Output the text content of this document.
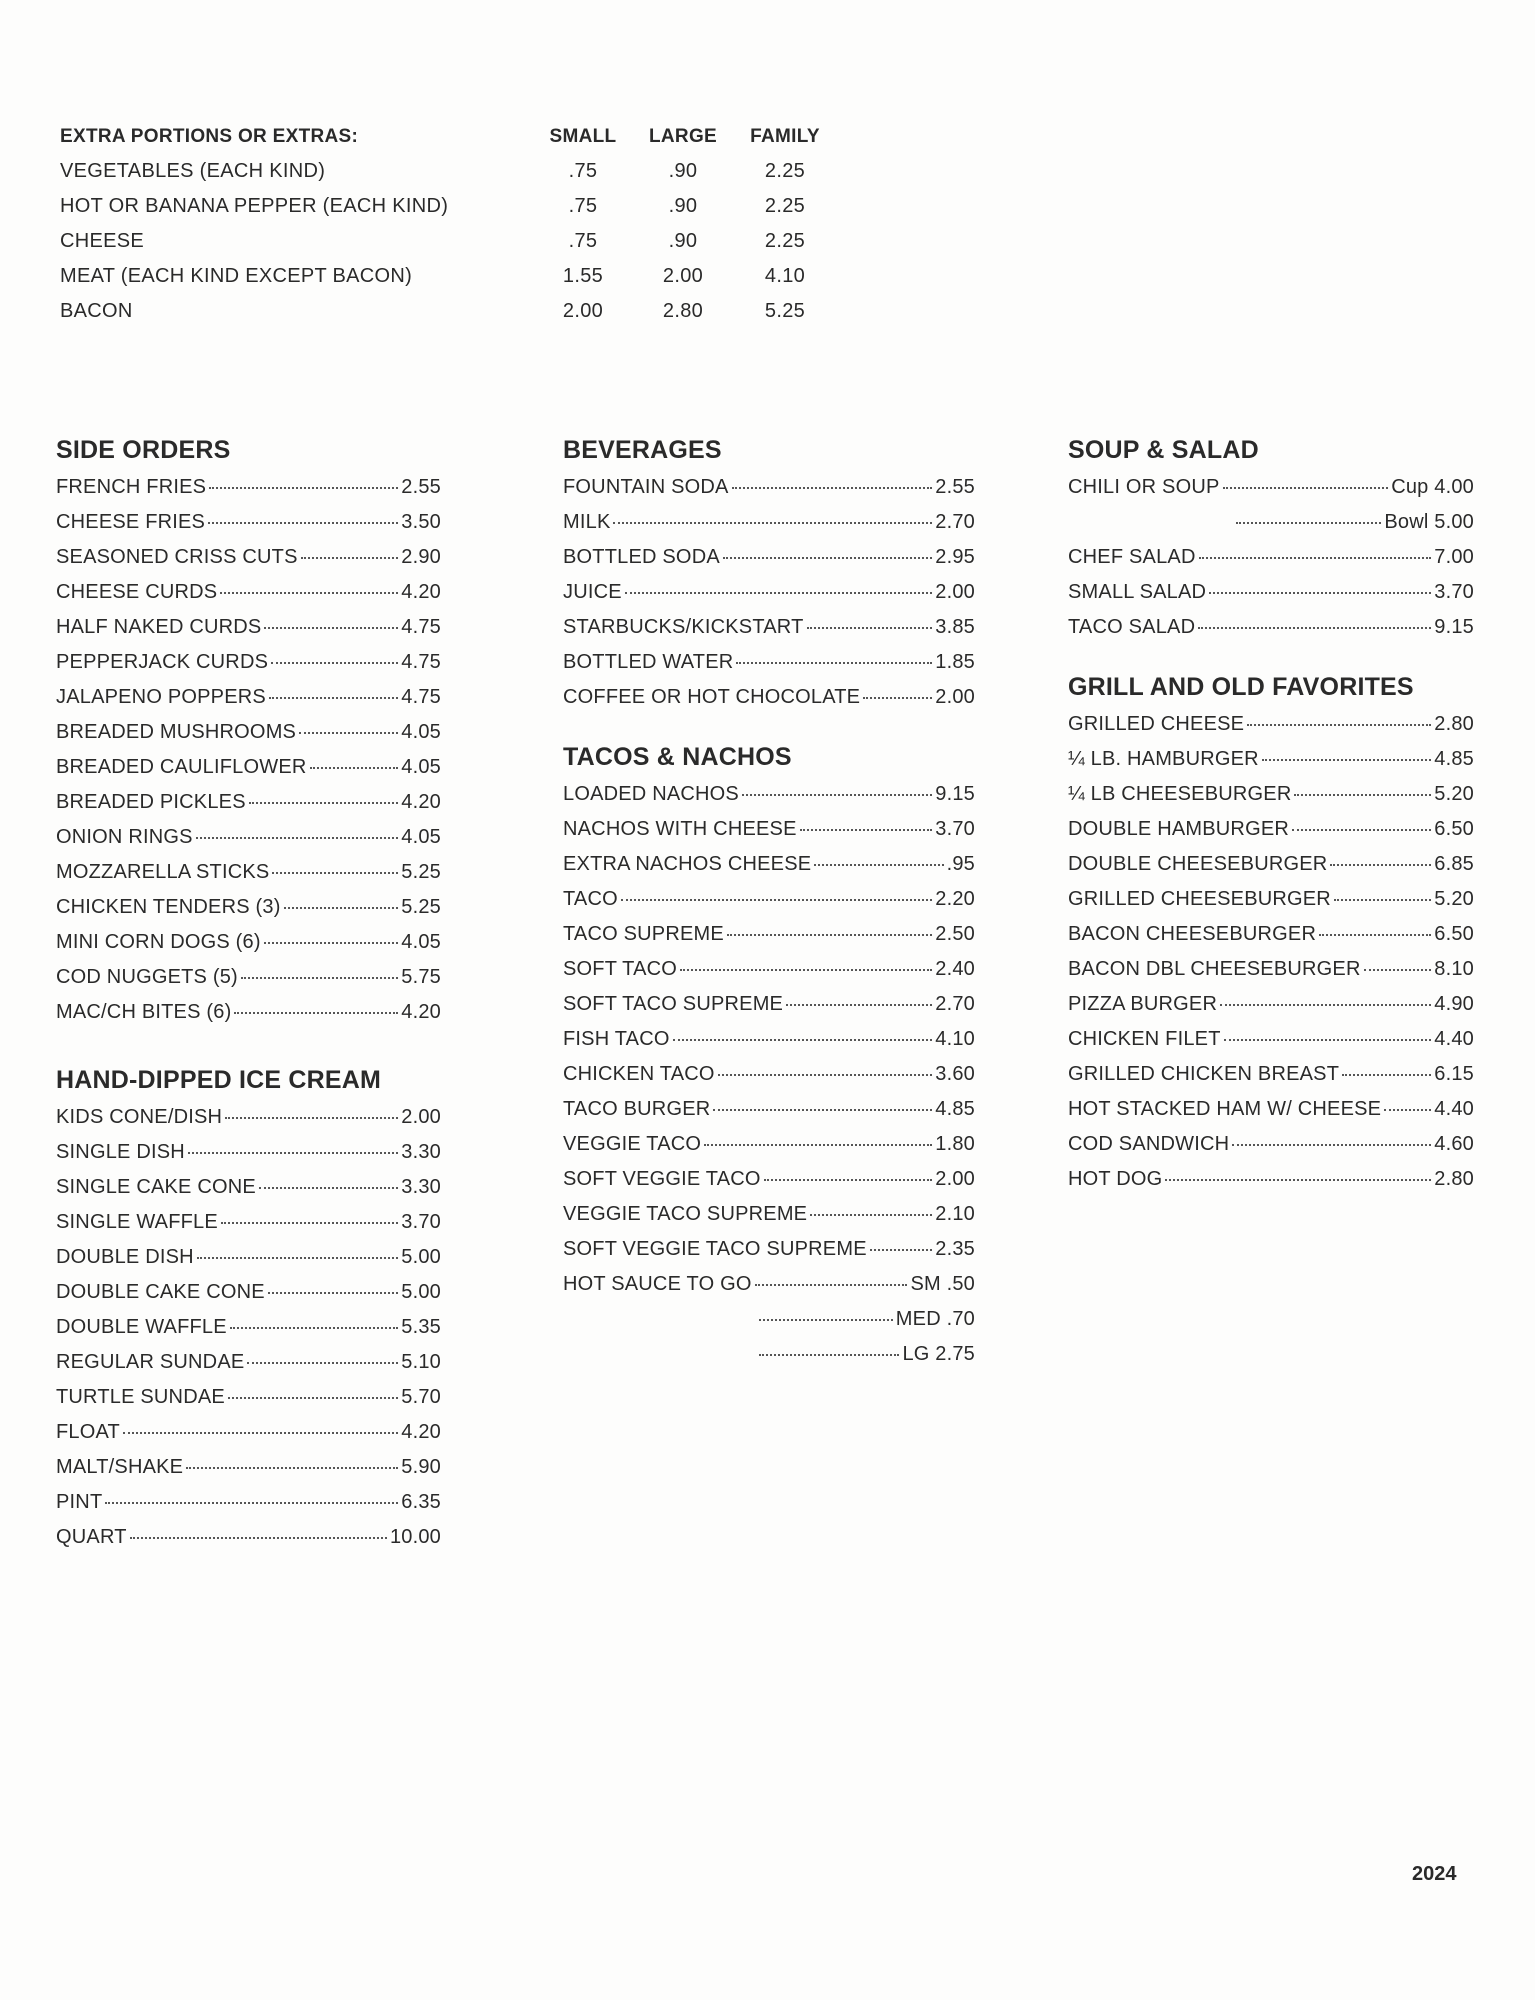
EXTRA PORTIONS OR EXTRAS:	SMALL	LARGE	FAMILY
VEGETABLES (EACH KIND)	.75	.90	2.25
HOT OR BANANA PEPPER (EACH KIND)	.75	.90	2.25
CHEESE	.75	.90	2.25
MEAT (EACH KIND EXCEPT BACON)	1.55	2.00	4.10
BACON	2.00	2.80	5.25
SIDE ORDERS
FRENCH FRIES	2.55
CHEESE FRIES	3.50
SEASONED CRISS CUTS	2.90
CHEESE CURDS	4.20
HALF NAKED CURDS	4.75
PEPPERJACK CURDS	4.75
JALAPENO POPPERS	4.75
BREADED MUSHROOMS	4.05
BREADED CAULIFLOWER	4.05
BREADED PICKLES	4.20
ONION RINGS	4.05
MOZZARELLA STICKS	5.25
CHICKEN TENDERS (3)	5.25
MINI CORN DOGS (6)	4.05
COD NUGGETS (5)	5.75
MAC/CH BITES (6)	4.20
HAND-DIPPED ICE CREAM
KIDS CONE/DISH	2.00
SINGLE DISH	3.30
SINGLE CAKE CONE	3.30
SINGLE WAFFLE	3.70
DOUBLE DISH	5.00
DOUBLE CAKE CONE	5.00
DOUBLE WAFFLE	5.35
REGULAR SUNDAE	5.10
TURTLE SUNDAE	5.70
FLOAT	4.20
MALT/SHAKE	5.90
PINT	6.35
QUART	10.00
BEVERAGES
FOUNTAIN SODA	2.55
MILK	2.70
BOTTLED SODA	2.95
JUICE	2.00
STARBUCKS/KICKSTART	3.85
BOTTLED WATER	1.85
COFFEE OR HOT CHOCOLATE	2.00
TACOS & NACHOS
LOADED NACHOS	9.15
NACHOS WITH CHEESE	3.70
EXTRA NACHOS CHEESE	.95
TACO	2.20
TACO SUPREME	2.50
SOFT TACO	2.40
SOFT TACO SUPREME	2.70
FISH TACO	4.10
CHICKEN TACO	3.60
TACO BURGER	4.85
VEGGIE TACO	1.80
SOFT VEGGIE TACO	2.00
VEGGIE TACO SUPREME	2.10
SOFT VEGGIE TACO SUPREME	2.35
HOT SAUCE TO GO	SM .50
MED .70
LG 2.75
SOUP & SALAD
CHILI OR SOUP	Cup 4.00
Bowl 5.00
CHEF SALAD	7.00
SMALL SALAD	3.70
TACO SALAD	9.15
GRILL AND OLD FAVORITES
GRILLED CHEESE	2.80
¼ LB. HAMBURGER	4.85
¼ LB CHEESEBURGER	5.20
DOUBLE HAMBURGER	6.50
DOUBLE CHEESEBURGER	6.85
GRILLED CHEESEBURGER	5.20
BACON CHEESEBURGER	6.50
BACON DBL CHEESEBURGER	8.10
PIZZA BURGER	4.90
CHICKEN FILET	4.40
GRILLED CHICKEN BREAST	6.15
HOT STACKED HAM W/ CHEESE	4.40
COD SANDWICH	4.60
HOT DOG	2.80
2024
